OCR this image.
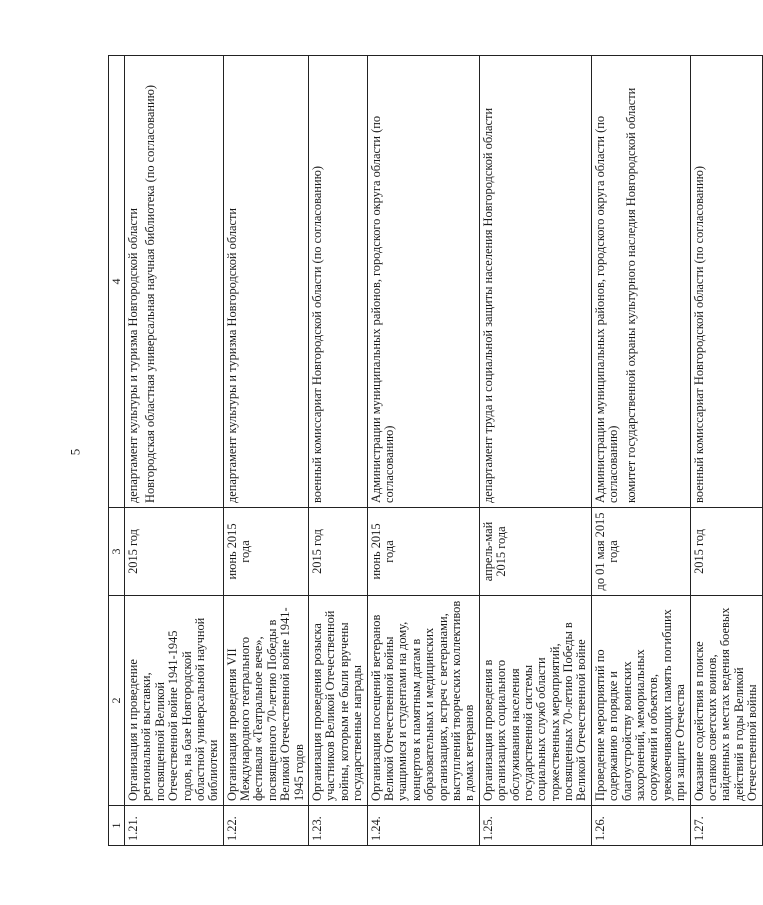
5
1	2	3	4
1.21.	Организация и проведение региональной выставки, посвященной Великой Отечественной войне 1941-1945 годов, на базе Новгородской областной универсальной научной библиотеки	2015 год	департамент культуры и туризма Новгородской области Новгородская областная универсальная научная библиотека (по согласованию)

1.22.	Организация проведения VII Международного театрального фестиваля «Театральное вече», посвященного 70-летию Победы в Великой Отечественной войне 1941-1945 годов	июнь 2015 года	департамент культуры и туризма Новгородской области

1.23.	Организация проведения розыска участников Великой Отечественной войны, которым не были вручены государственные награды	2015 год	военный комиссариат Новгородской области (по согласованию)

1.24.	Организация посещений ветеранов Великой Отечественной войны учащимися и студентами на дому, концертов к памятным датам в образовательных и медицинских организациях, встреч с ветеранами, выступлений творческих коллективов в домах ветеранов	июнь 2015 года	Администрации муниципальных районов, городского округа области (по согласованию)

1.25.	Организация проведения в организациях социального обслуживания населения государственной системы социальных служб области торжественных мероприятий, посвященных 70-летию Победы в Великой Отечественной войне	апрель-май 2015 года	департамент труда и социальной защиты населения Новгородской области

1.26.	Проведение мероприятий по содержанию в порядке и благоустройству воинских захоронений, мемориальных сооружений и объектов, увековечивающих память погибших при защите Отечества	до 01 мая 2015 года	Администрации муниципальных районов, городского округа области (по согласованию) комитет государственной охраны культурного наследия Новгородской области

1.27.	Оказание содействия в поиске останков советских воинов, найденных в местах ведения боевых действий в годы Великой Отечественной войны	2015 год	военный комиссариат Новгородской области (по согласованию)
